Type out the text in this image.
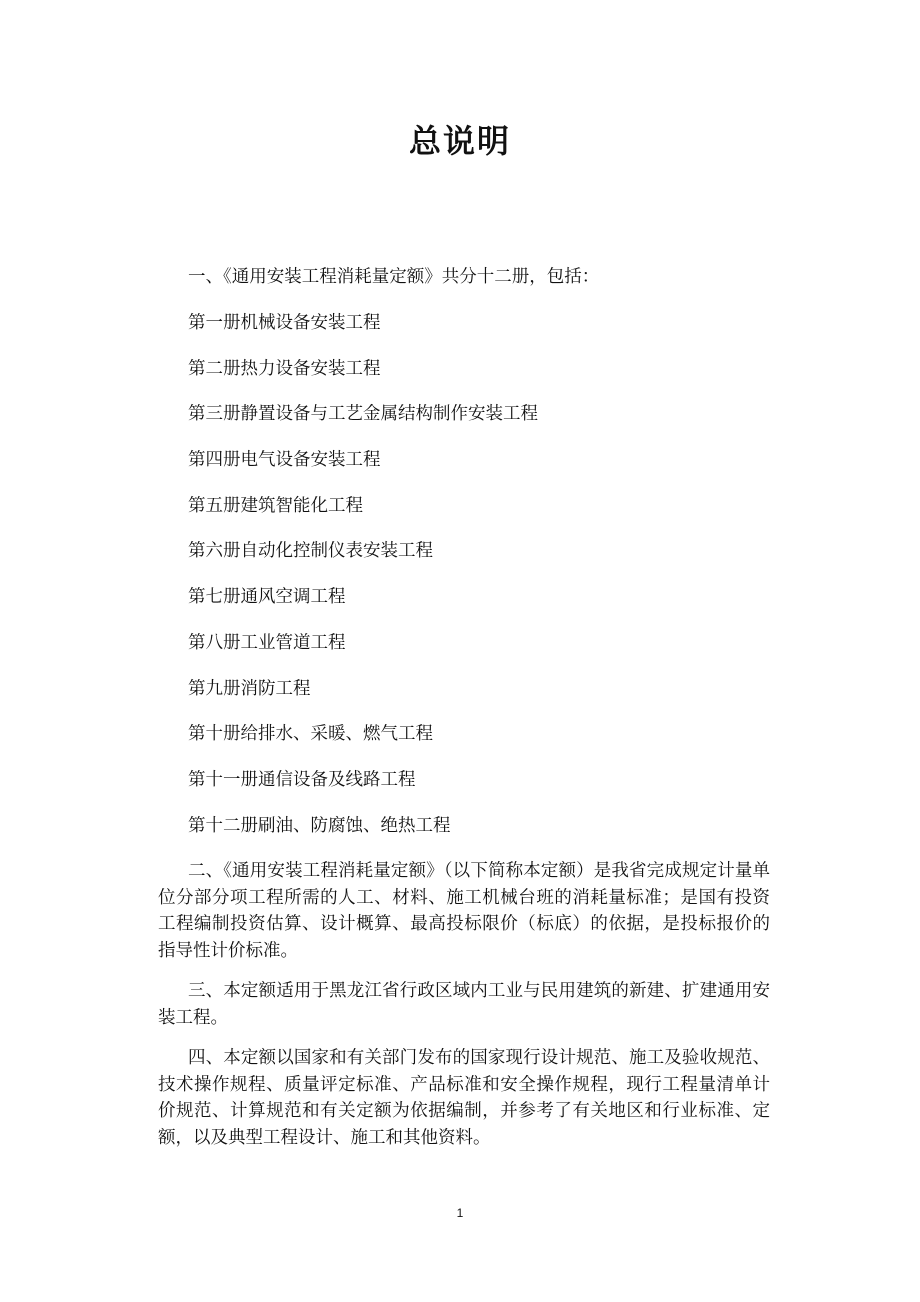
总说明

一、《通用安装工程消耗量定额》共分十二册，包括：

第一册机械设备安装工程
第二册热力设备安装工程
第三册静置设备与工艺金属结构制作安装工程
第四册电气设备安装工程
第五册建筑智能化工程
第六册自动化控制仪表安装工程
第七册通风空调工程
第八册工业管道工程
第九册消防工程
第十册给排水、采暖、燃气工程
第十一册通信设备及线路工程
第十二册刷油、防腐蚀、绝热工程

二、《通用安装工程消耗量定额》（以下简称本定额）是我省完成规定计量单位分部分项工程所需的人工、材料、施工机械台班的消耗量标准；是国有投资工程编制投资估算、设计概算、最高投标限价（标底）的依据，是投标报价的指导性计价标准。

三、本定额适用于黑龙江省行政区域内工业与民用建筑的新建、扩建通用安装工程。

四、本定额以国家和有关部门发布的国家现行设计规范、施工及验收规范、技术操作规程、质量评定标准、产品标准和安全操作规程，现行工程量清单计价规范、计算规范和有关定额为依据编制，并参考了有关地区和行业标准、定额，以及典型工程设计、施工和其他资料。

1
